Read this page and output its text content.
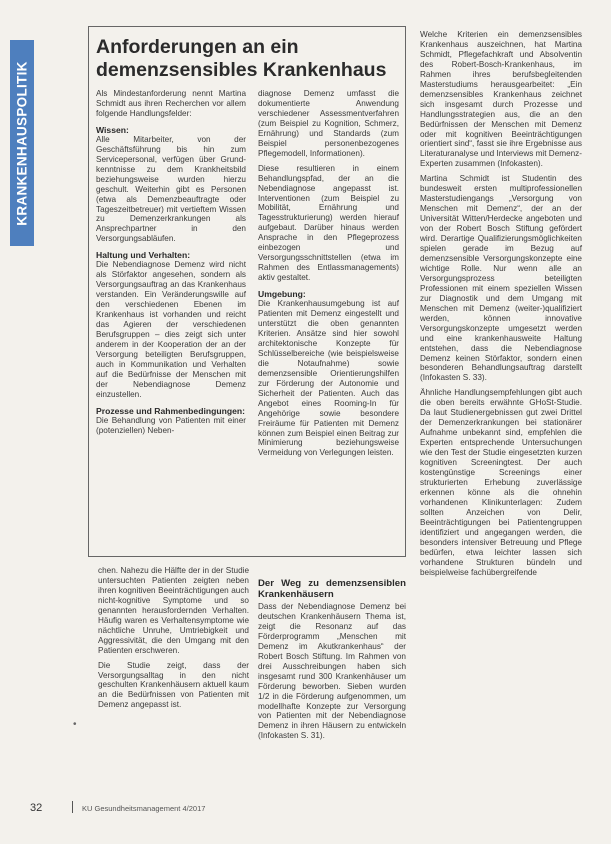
KRANKENHAUSPOLITIK
Anforderungen an ein demenzsensibles Krankenhaus

Als Mindestanforderung nennt Martina Schmidt aus ihren Recherchen vor allem folgende Handlungsfelder:

Wissen:

Alle Mitarbeiter, von der Geschäftsführung bis hin zum Servicepersonal, verfügen über Grund-kenntnisse zu dem Krankheitsbild beziehungsweise wurden hierzu geschult. Weiterhin gibt es Personen (etwa als Demenzbeauftragte oder Tageszeitbetreuer) mit vertieftem Wissen zu Demenzerkrankungen als Ansprechpartner in den Versorgungsabläufen.

Haltung und Verhalten:

Die Nebendiagnose Demenz wird nicht als Störfaktor angesehen, sondern als Versorgungsauftrag an das Krankenhaus verstanden. Ein Veränderungswille auf den verschiedenen Ebenen im Krankenhaus ist vorhanden und reicht das Agieren der verschiedenen Berufsgruppen – dies zeigt sich unter anderem in der Kooperation der an der Versorgung beteiligten Berufsgruppen, auch in Kommunikation und Verhalten auf die Bedürfnisse der Menschen mit der Nebendiagnose Demenz einzustellen.

Prozesse und Rahmenbedingungen:

Die Behandlung von Patienten mit einer (potenziellen) Neben-

diagnose Demenz umfasst die dokumentierte Anwendung verschiedener Assessmentverfahren (zum Beispiel zu Kognition, Schmerz, Ernährung) und Standards (zum Beispiel personenbezogenes Pflegemodell, Informationen).

Diese resultieren in einem Behandlungspfad, der an die Nebendiagnose angepasst ist. Interventionen (zum Beispiel zu Mobilität, Ernährung und Tagesstrukturierung) werden hierauf aufgebaut. Darüber hinaus werden Ansprache in den Pflegeprozess einbezogen und Versorgungsschnittstellen (etwa im Rahmen des Entlassmanagements) aktiv gestaltet.

Umgebung:

Die Krankenhausumgebung ist auf Patienten mit Demenz eingestellt und unterstützt die oben genannten Kriterien. Ansätze sind hier sowohl architektonische Konzepte für Schlüsselbereiche (wie beispielsweise die Notaufnahme) sowie demenzsensible Orientierungshilfen zur Förderung der Autonomie und Sicherheit der Patienten. Auch das Angebot eines Rooming-In für Angehörige sowie besondere Freiräume für Patienten mit Demenz können zum Beispiel einen Beitrag zur Minimierung beziehungsweise Vermeidung von Verlegungen leisten.

Welche Kriterien ein demenzsensibles Krankenhaus auszeichnen, hat Martina Schmidt, Pflegefachkraft und Absolventin des Robert-Bosch-Krankenhaus, im Rahmen ihres berufsbegleitenden Masterstudiums herausgearbeitet: „Ein demenzsensibles Krankenhaus zeichnet sich insgesamt durch Prozesse und Handlungsstrategien aus, die an den Bedürfnissen der Menschen mit Demenz oder mit kognitiven Beeinträchtigungen orientiert sind“, fasst sie ihre Ergebnisse aus Literaturanalyse und Interviews mit Demenz-Experten zusammen (Infokasten).

Martina Schmidt ist Studentin des bundesweit ersten multiprofessionellen Masterstudiengangs „Versorgung von Menschen mit Demenz“, der an der Universität Witten/Herdecke angeboten und von der Robert Bosch Stiftung gefördert wird. Derartige Qualifizierungsmöglichkeiten spielen gerade im Bezug auf demenzsensible Versorgungskonzepte eine wichtige Rolle. Nur wenn alle an Versorgungsprozess beteiligten Professionen mit einem speziellen Wissen zur Diagnostik und dem Umgang mit Menschen mit Demenz (weiter-)qualifiziert werden, können innovative Versorgungskonzepte umgesetzt werden und eine krankenhausweite Haltung entstehen, dass die Nebendiagnose Demenz keinen Störfaktor, sondern einen besonderen Behandlungsauftrag darstellt (Infokasten S. 33).

Ähnliche Handlungsempfehlungen gibt auch die oben bereits erwähnte GHoSt-Studie. Da laut Studienergebnissen gut zwei Drittel der Demenzerkrankungen bei stationärer Aufnahme unbekannt sind, empfehlen die Experten entsprechende Untersuchungen wie den Test der Studie eingesetzten kurzen kognitiven Screeningtest. Der auch kostengünstige Screenings einer strukturierten Erhebung zuverlässige erkennen könne als die ohnehin vorhandenen Klinikunterlagen: Zudem sollten Anzeichen von Delir, Beeinträchtigungen bei Patientengruppen identifiziert und angegangen werden, die besonders intensiver Betreuung und Pflege bedürfen, etwa leichter lassen sich vorhandene Strukturen bündeln und beispielweise fachübergreifende

chen. Nahezu die Hälfte der in der Studie untersuchten Patienten zeigten neben ihren kognitiven Beeinträchtigungen auch nicht-kognitive Symptome und so genannten herausfordernden Verhalten. Häufig waren es Verhaltensymptome wie nächtliche Unruhe, Umtriebigkeit und Aggressivität, die den Umgang mit den Patienten erschweren.

Die Studie zeigt, dass der Versorgungsalltag in den nicht geschulten Krankenhäusern aktuell kaum an die Bedürfnissen von Patienten mit Demenz angepasst ist.

Der Weg zu demenzsensiblen Krankenhäusern

Dass der Nebendiagnose Demenz bei deutschen Krankenhäusern Thema ist, zeigt die Resonanz auf das Förderprogramm „Menschen mit Demenz im Akutkrankenhaus“ der Robert Bosch Stiftung. Im Rahmen von drei Ausschreibungen haben sich insgesamt rund 300 Krankenhäuser um Förderung beworben. Sieben wurden 1/2 in die Förderung aufgenommen, um modellhafte Konzepte zur Versorgung von Patienten mit der Nebendiagnose Demenz in ihren Häusern zu entwickeln (Infokasten S. 31).

•
32	KU Gesundheitsmanagement 4/2017
